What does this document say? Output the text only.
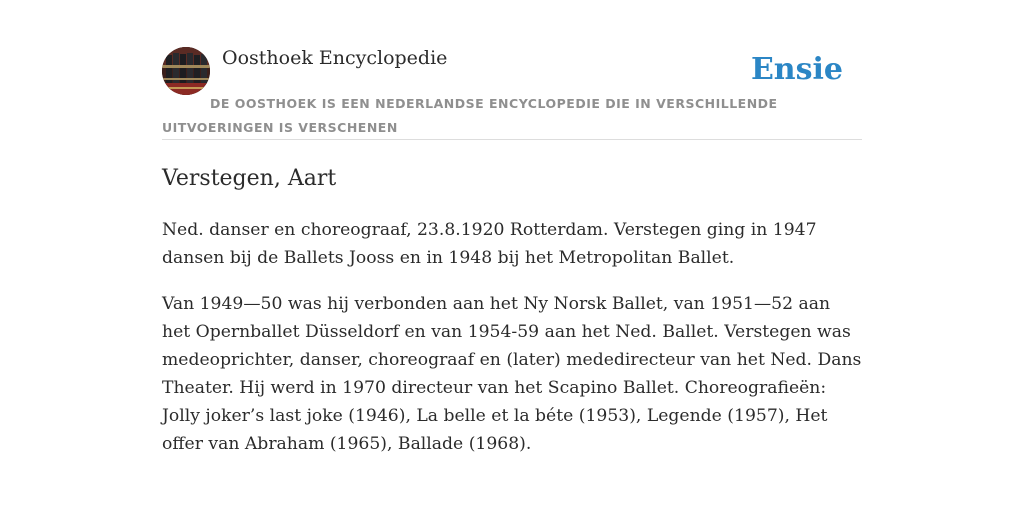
Oosthoek Encyclopedie	Ensie
DE OOSTHOEK IS EEN NEDERLANDSE ENCYCLOPEDIE DIE IN VERSCHILLENDE UITVOERINGEN IS VERSCHENEN
Verstegen, Aart

Ned. danser en choreograaf, 23.8.1920 Rotterdam. Verstegen ging in 1947 dansen bij de Ballets Jooss en in 1948 bij het Metropolitan Ballet.

Van 1949—50 was hij verbonden aan het Ny Norsk Ballet, van 1951—52 aan het Opernballet Düsseldorf en van 1954-59 aan het Ned. Ballet. Verstegen was medeoprichter, danser, choreograaf en (later) mededirecteur van het Ned. Dans Theater. Hij werd in 1970 directeur van het Scapino Ballet. Choreografieën: Jolly joker’s last joke (1946), La belle et la béte (1953), Legende (1957), Het offer van Abraham (1965), Ballade (1968).
